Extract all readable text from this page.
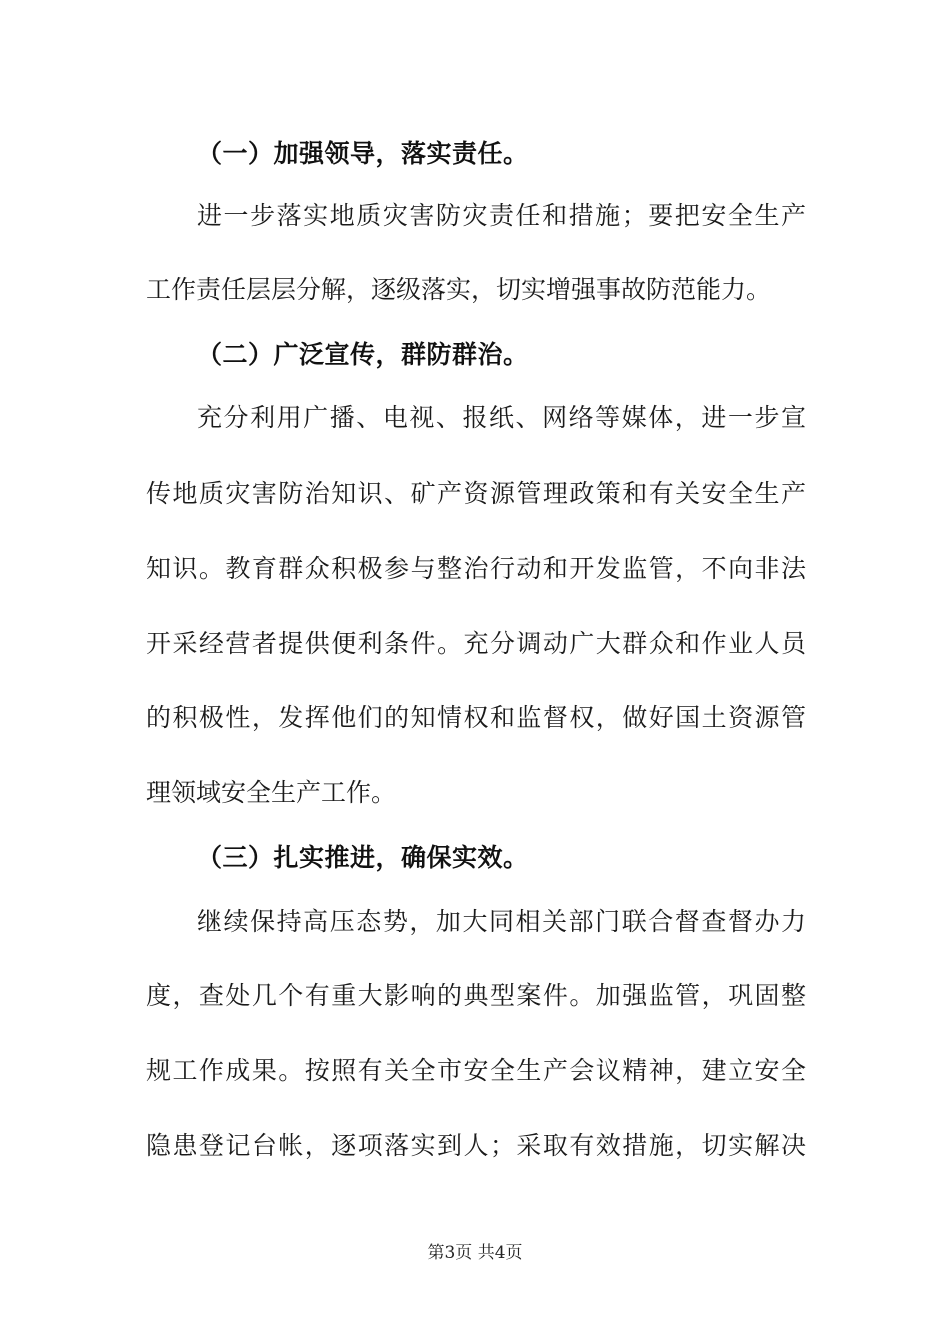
（一）加强领导，落实责任。
进一步落实地质灾害防灾责任和措施；要把安全生产
工作责任层层分解，逐级落实，切实增强事故防范能力。
（二）广泛宣传，群防群治。
充分利用广播、电视、报纸、网络等媒体，进一步宣
传地质灾害防治知识、矿产资源管理政策和有关安全生产
知识。教育群众积极参与整治行动和开发监管，不向非法
开采经营者提供便利条件。充分调动广大群众和作业人员
的积极性，发挥他们的知情权和监督权，做好国土资源管
理领域安全生产工作。
（三）扎实推进，确保实效。
继续保持高压态势，加大同相关部门联合督查督办力
度，查处几个有重大影响的典型案件。加强监管，巩固整
规工作成果。按照有关全市安全生产会议精神，建立安全
隐患登记台帐，逐项落实到人；采取有效措施，切实解决
第3页 共4页
